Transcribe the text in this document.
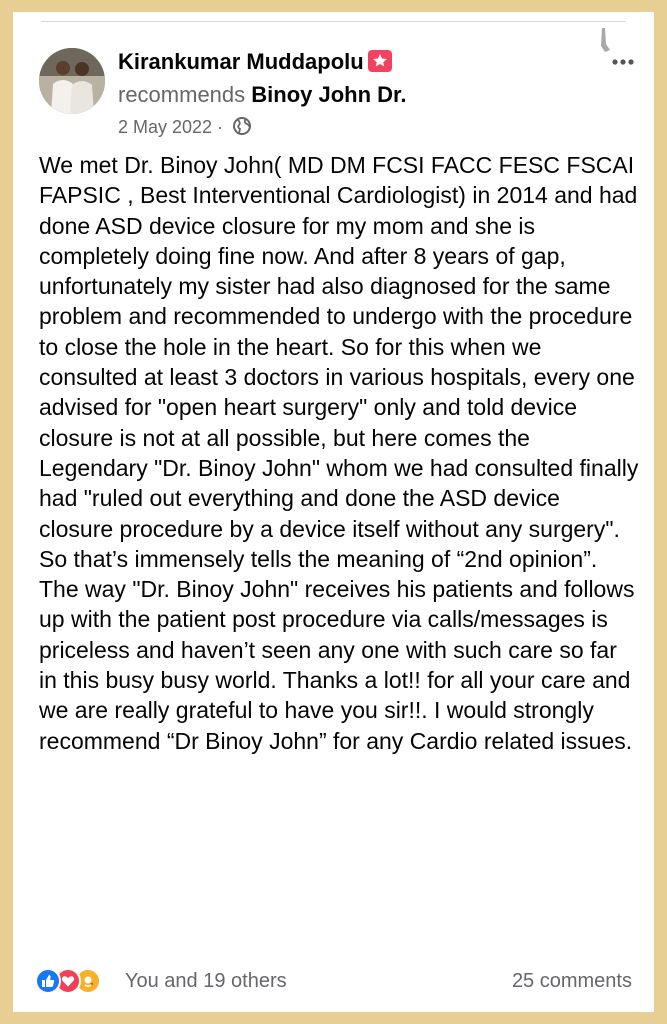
Kirankumar Muddapolu
recommends Binoy John Dr.
2 May 2022 ·
We met Dr. Binoy John( MD DM FCSI FACC FESC FSCAI FAPSIC , Best Interventional Cardiologist) in 2014 and had done ASD device closure for my mom and she is completely doing fine now. And after 8 years of gap, unfortunately my sister had also diagnosed for the same problem and recommended to undergo with the procedure to close the hole in the heart. So for this when we consulted at least 3 doctors in various hospitals, every one advised for "open heart surgery" only and told device closure is not at all possible, but here comes the Legendary "Dr. Binoy John" whom we had consulted finally had "ruled out everything and done the ASD device closure procedure by a device itself without any surgery". So that’s immensely tells the meaning of “2nd opinion”.
The way "Dr. Binoy John" receives his patients and follows up with the patient post procedure via calls/messages is priceless and haven’t seen any one with such care so far in this busy busy world. Thanks a lot!! for all your care and we are really grateful to have you sir!!. I would strongly recommend “Dr Binoy John” for any Cardio related issues.
You and 19 others	25 comments
